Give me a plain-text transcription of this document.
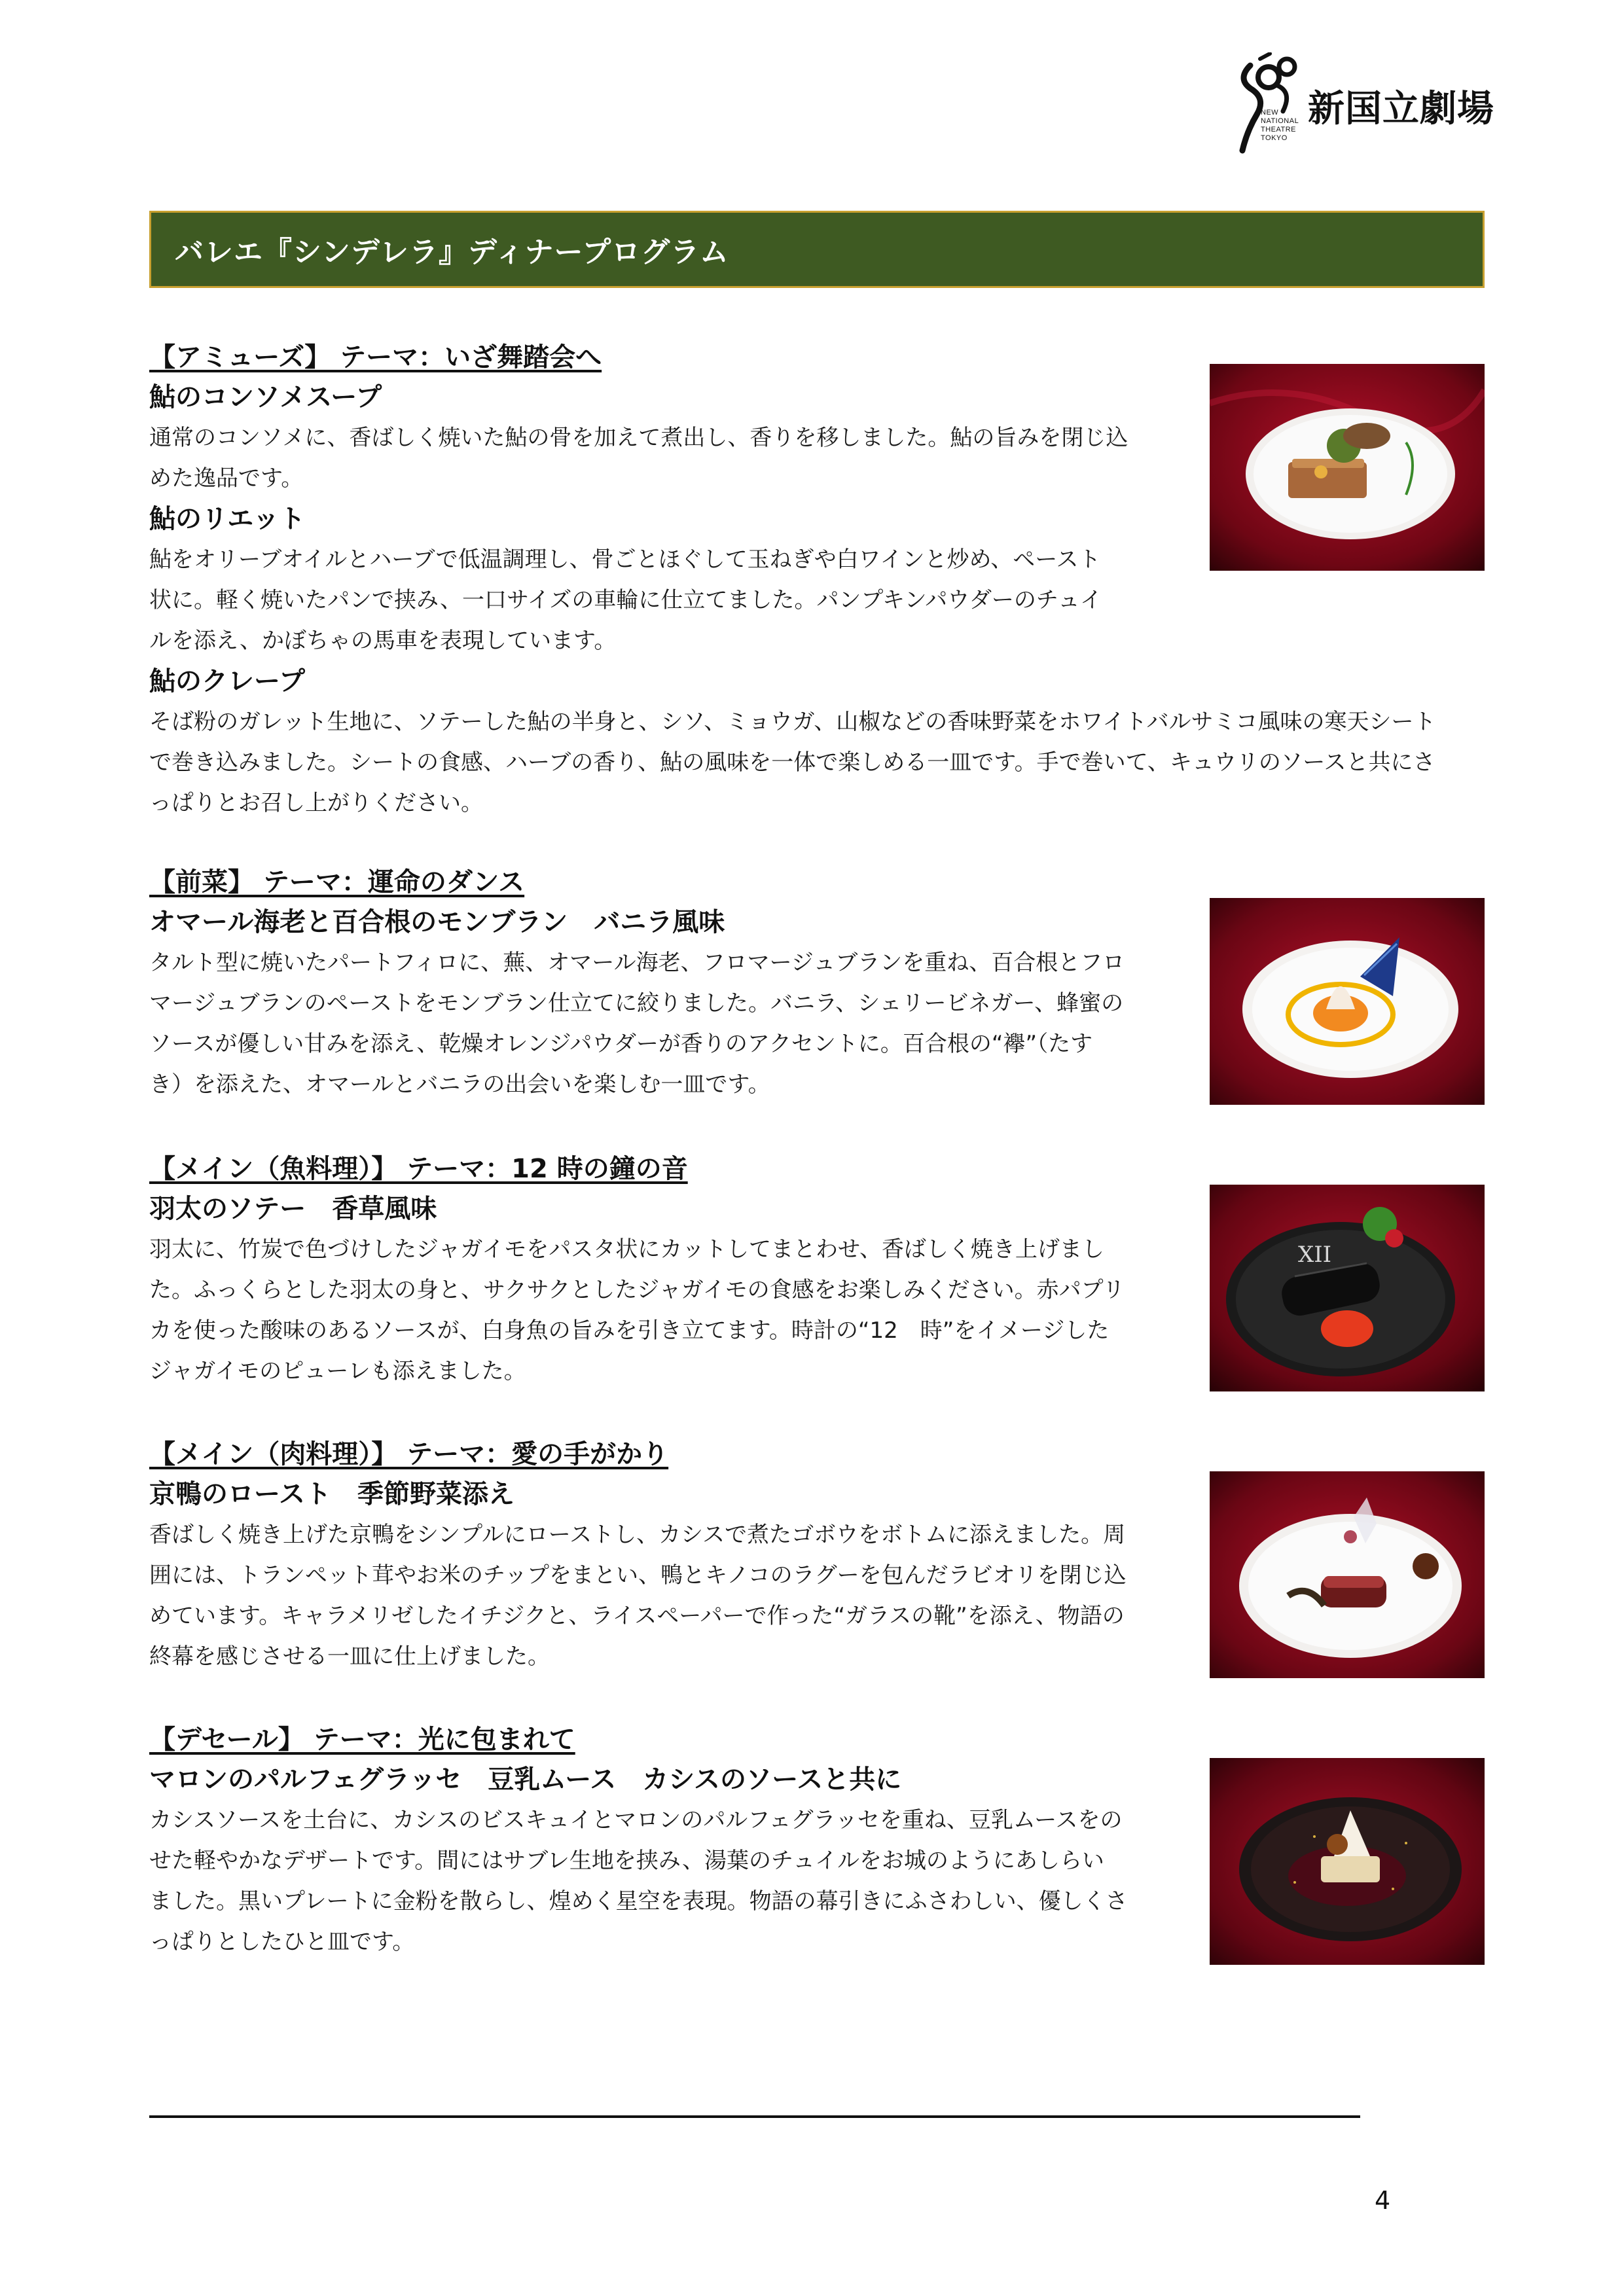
新国立劇場
NEW
NATIONAL
THEATRE
TOKYO
バレエ『シンデレラ』ディナープログラム
【アミューズ】 テーマ：いざ舞踏会へ
鮎のコンソメスープ
通常のコンソメに、香ばしく焼いた鮎の骨を加えて煮出し、香りを移しました。鮎の旨みを閉じ込
めた逸品です。
鮎のリエット
鮎をオリーブオイルとハーブで低温調理し、骨ごとほぐして玉ねぎや白ワインと炒め、ペースト
状に。軽く焼いたパンで挟み、一口サイズの車輪に仕立てました。パンプキンパウダーのチュイ
ルを添え、かぼちゃの馬車を表現しています。
鮎のクレープ
そば粉のガレット生地に、ソテーした鮎の半身と、シソ、ミョウガ、山椒などの香味野菜をホワイトバルサミコ風味の寒天シート
で巻き込みました。シートの食感、ハーブの香り、鮎の風味を一体で楽しめる一皿です。手で巻いて、キュウリのソースと共にさ
っぱりとお召し上がりください。
【前菜】 テーマ：運命のダンス
オマール海老と百合根のモンブラン　バニラ風味
タルト型に焼いたパートフィロに、蕪、オマール海老、フロマージュブランを重ね、百合根とフロ
マージュブランのペーストをモンブラン仕立てに絞りました。バニラ、シェリービネガー、蜂蜜の
ソースが優しい甘みを添え、乾燥オレンジパウダーが香りのアクセントに。百合根の“襷”（たす
き）を添えた、オマールとバニラの出会いを楽しむ一皿です。
【メイン（魚料理）】 テーマ：12 時の鐘の音
羽太のソテー　香草風味
羽太に、竹炭で色づけしたジャガイモをパスタ状にカットしてまとわせ、香ばしく焼き上げまし
た。ふっくらとした羽太の身と、サクサクとしたジャガイモの食感をお楽しみください。赤パプリ
カを使った酸味のあるソースが、白身魚の旨みを引き立てます。時計の“12　時”をイメージした
ジャガイモのピューレも添えました。
XII
【メイン（肉料理）】 テーマ：愛の手がかり
京鴨のロースト　季節野菜添え
香ばしく焼き上げた京鴨をシンプルにローストし、カシスで煮たゴボウをボトムに添えました。周
囲には、トランペット茸やお米のチップをまとい、鴨とキノコのラグーを包んだラビオリを閉じ込
めています。キャラメリゼしたイチジクと、ライスペーパーで作った“ガラスの靴”を添え、物語の
終幕を感じさせる一皿に仕上げました。
【デセール】 テーマ：光に包まれて
マロンのパルフェグラッセ　豆乳ムース　カシスのソースと共に
カシスソースを土台に、カシスのビスキュイとマロンのパルフェグラッセを重ね、豆乳ムースをの
せた軽やかなデザートです。間にはサブレ生地を挟み、湯葉のチュイルをお城のようにあしらい
ました。黒いプレートに金粉を散らし、煌めく星空を表現。物語の幕引きにふさわしい、優しくさ
っぱりとしたひと皿です。
4
